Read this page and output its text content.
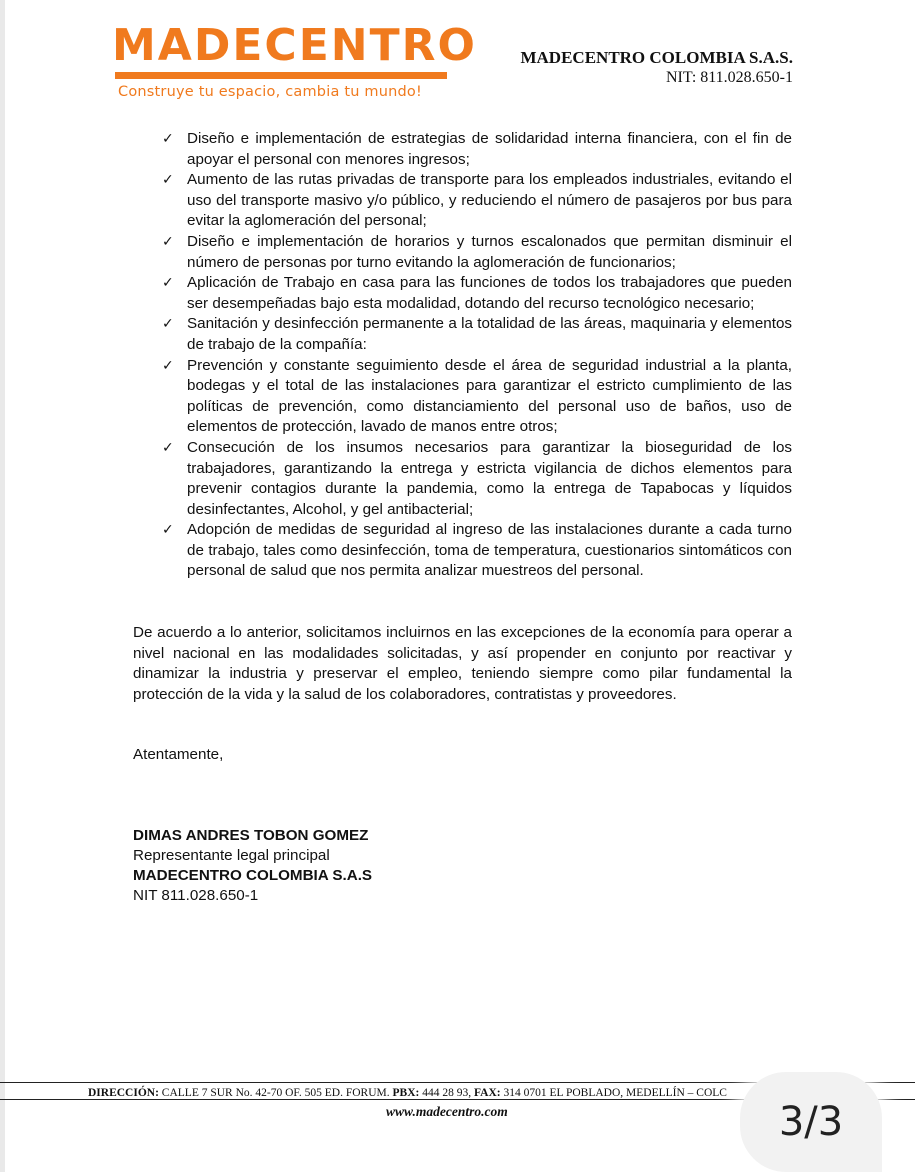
MADECENTRO
Construye tu espacio, cambia tu mundo!
MADECENTRO COLOMBIA S.A.S.
NIT: 811.028.650-1
✓ Diseño e implementación de estrategias de solidaridad interna financiera, con el fin de apoyar el personal con menores ingresos;
✓ Aumento de las rutas privadas de transporte para los empleados industriales, evitando el uso del transporte masivo y/o público, y reduciendo el número de pasajeros por bus para evitar la aglomeración del personal;
✓ Diseño e implementación de horarios y turnos escalonados que permitan disminuir el número de personas por turno evitando la aglomeración de funcionarios;
✓ Aplicación de Trabajo en casa para las funciones de todos los trabajadores que pueden ser desempeñadas bajo esta modalidad, dotando del recurso tecnológico necesario;
✓ Sanitación y desinfección permanente a la totalidad de las áreas, maquinaria y elementos de trabajo de la compañía:
✓ Prevención y constante seguimiento desde el área de seguridad industrial a la planta, bodegas y el total de las instalaciones para garantizar el estricto cumplimiento de las políticas de prevención, como distanciamiento del personal uso de baños, uso de elementos de protección, lavado de manos entre otros;
✓ Consecución de los insumos necesarios para garantizar la bioseguridad de los trabajadores, garantizando la entrega y estricta vigilancia de dichos elementos para prevenir contagios durante la pandemia, como la entrega de Tapabocas y líquidos desinfectantes, Alcohol, y gel antibacterial;
✓ Adopción de medidas de seguridad al ingreso de las instalaciones durante a cada turno de trabajo, tales como desinfección, toma de temperatura, cuestionarios sintomáticos con personal de salud que nos permita analizar muestreos del personal.

De acuerdo a lo anterior, solicitamos incluirnos en las excepciones de la economía para operar a nivel nacional en las modalidades solicitadas, y así propender en conjunto por reactivar y dinamizar la industria y preservar el empleo, teniendo siempre como pilar fundamental la protección de la vida y la salud de los colaboradores, contratistas y proveedores.

Atentamente,
DIMAS ANDRES TOBON GOMEZ
Representante legal principal
MADECENTRO COLOMBIA S.A.S
NIT 811.028.650-1
DIRECCIÓN: CALLE 7 SUR No. 42-70 OF. 505 ED. FORUM. PBX: 444 28 93, FAX: 314 0701 EL POBLADO, MEDELLÍN – COLC
www.madecentro.com	3/3
